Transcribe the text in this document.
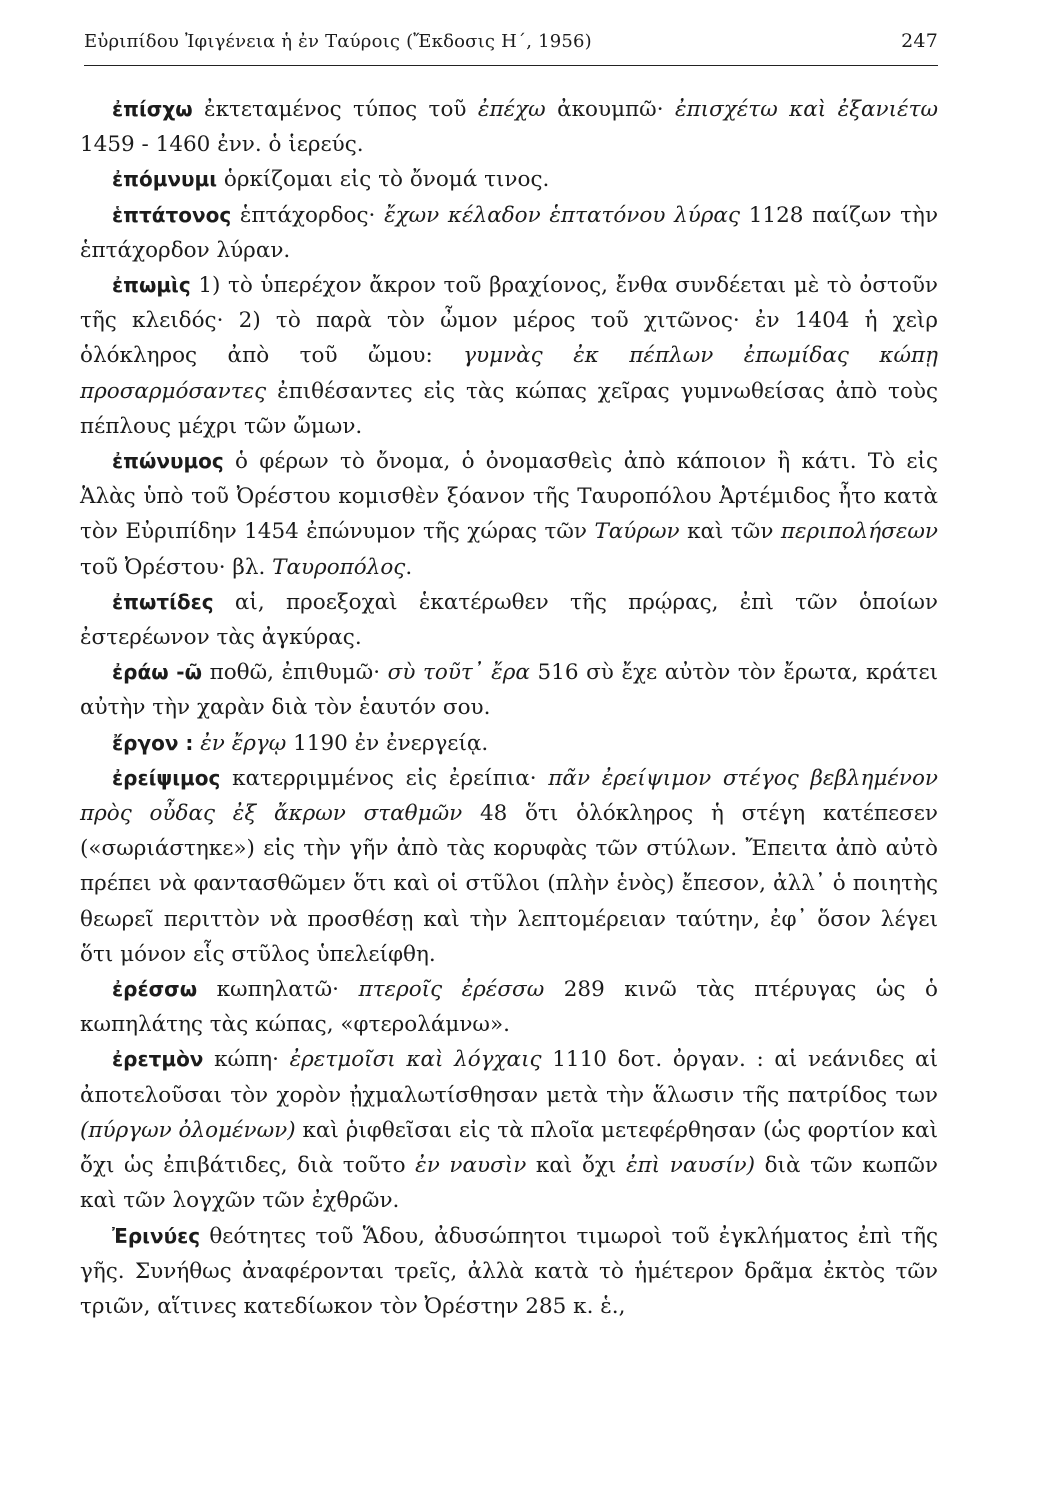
Εὐριπίδου Ἰφιγένεια ἡ ἐν Ταύροις (Ἔκδοσις Η΄, 1956)	247

ἐπίσχω ἐκτεταμένος τύπος τοῦ ἐπέχω ἀκουμπῶ· ἐπισχέτω καὶ ἐξανιέτω 1459 - 1460 ἐνν. ὁ ἱερεύς.

ἐπόμνυμι ὁρκίζομαι εἰς τὸ ὄνομά τινος.

ἑπτάτονος ἑπτάχορδος· ἔχων κέλαδον ἑπτατόνου λύρας 1128 παίζων τὴν ἑπτάχορδον λύραν.

ἐπωμὶς 1) τὸ ὑπερέχον ἄκρον τοῦ βραχίονος, ἔνθα συνδέεται μὲ τὸ ὀστοῦν τῆς κλειδός· 2) τὸ παρὰ τὸν ὦμον μέρος τοῦ χιτῶνος· ἐν 1404 ἡ χεὶρ ὁλόκληρος ἀπὸ τοῦ ὤμου: γυμνὰς ἐκ πέπλων ἐπωμίδας κώπῃ προσαρμόσαντες ἐπιθέσαντες εἰς τὰς κώπας χεῖρας γυμνωθείσας ἀπὸ τοὺς πέπλους μέχρι τῶν ὤμων.

ἐπώνυμος ὁ φέρων τὸ ὄνομα, ὁ ὀνομασθεὶς ἀπὸ κάποιον ἢ κάτι. Τὸ εἰς Ἁλὰς ὑπὸ τοῦ Ὀρέστου κομισθὲν ξόανον τῆς Ταυροπόλου Ἀρτέμιδος ἦτο κατὰ τὸν Εὐριπίδην 1454 ἐπώνυμον τῆς χώρας τῶν Ταύρων καὶ τῶν περιπολήσεων τοῦ Ὀρέστου· βλ. Ταυροπόλος.

ἐπωτίδες αἱ, προεξοχαὶ ἑκατέρωθεν τῆς πρῴρας, ἐπὶ τῶν ὁποίων ἐστερέωνον τὰς ἀγκύρας.

ἐράω -ῶ ποθῶ, ἐπιθυμῶ· σὺ τοῦτ᾽ ἔρα 516 σὺ ἔχε αὐτὸν τὸν ἔρωτα, κράτει αὐτὴν τὴν χαρὰν διὰ τὸν ἑαυτόν σου.

ἔργον : ἐν ἔργῳ 1190 ἐν ἐνεργείᾳ.

ἐρείψιμος κατερριμμένος εἰς ἐρείπια· πᾶν ἐρείψιμον στέγος βεβλημένον πρὸς οὖδας ἐξ ἄκρων σταθμῶν 48 ὅτι ὁλόκληρος ἡ στέγη κατέπεσεν («σωριάστηκε») εἰς τὴν γῆν ἀπὸ τὰς κορυφὰς τῶν στύλων. Ἔπειτα ἀπὸ αὐτὸ πρέπει νὰ φαντασθῶμεν ὅτι καὶ οἱ στῦλοι (πλὴν ἑνὸς) ἔπεσον, ἀλλ᾽ ὁ ποιητὴς θεωρεῖ περιττὸν νὰ προσθέσῃ καὶ τὴν λεπτομέρειαν ταύτην, ἐφ᾽ ὅσον λέγει ὅτι μόνον εἷς στῦλος ὑπελείφθη.

ἐρέσσω κωπηλατῶ· πτεροῖς ἐρέσσω 289 κινῶ τὰς πτέρυγας ὡς ὁ κωπηλάτης τὰς κώπας, «φτερολάμνω».

ἐρετμὸν κώπη· ἐρετμοῖσι καὶ λόγχαις 1110 δοτ. ὀργαν. : αἱ νεάνιδες αἱ ἀποτελοῦσαι τὸν χορὸν ᾐχμαλωτίσθησαν μετὰ τὴν ἅλωσιν τῆς πατρίδος των (πύργων ὀλομένων) καὶ ῥιφθεῖσαι εἰς τὰ πλοῖα μετεφέρθησαν (ὡς φορτίον καὶ ὄχι ὡς ἐπιβάτιδες, διὰ τοῦτο ἐν ναυσὶν καὶ ὄχι ἐπὶ ναυσίν) διὰ τῶν κωπῶν καὶ τῶν λογχῶν τῶν ἐχθρῶν.

Ἐρινύες θεότητες τοῦ Ἅδου, ἀδυσώπητοι τιμωροὶ τοῦ ἐγκλήματος ἐπὶ τῆς γῆς. Συνήθως ἀναφέρονται τρεῖς, ἀλλὰ κατὰ τὸ ἡμέτερον δρᾶμα ἐκτὸς τῶν τριῶν, αἵτινες κατεδίωκον τὸν Ὀρέστην 285 κ. ἑ.,
